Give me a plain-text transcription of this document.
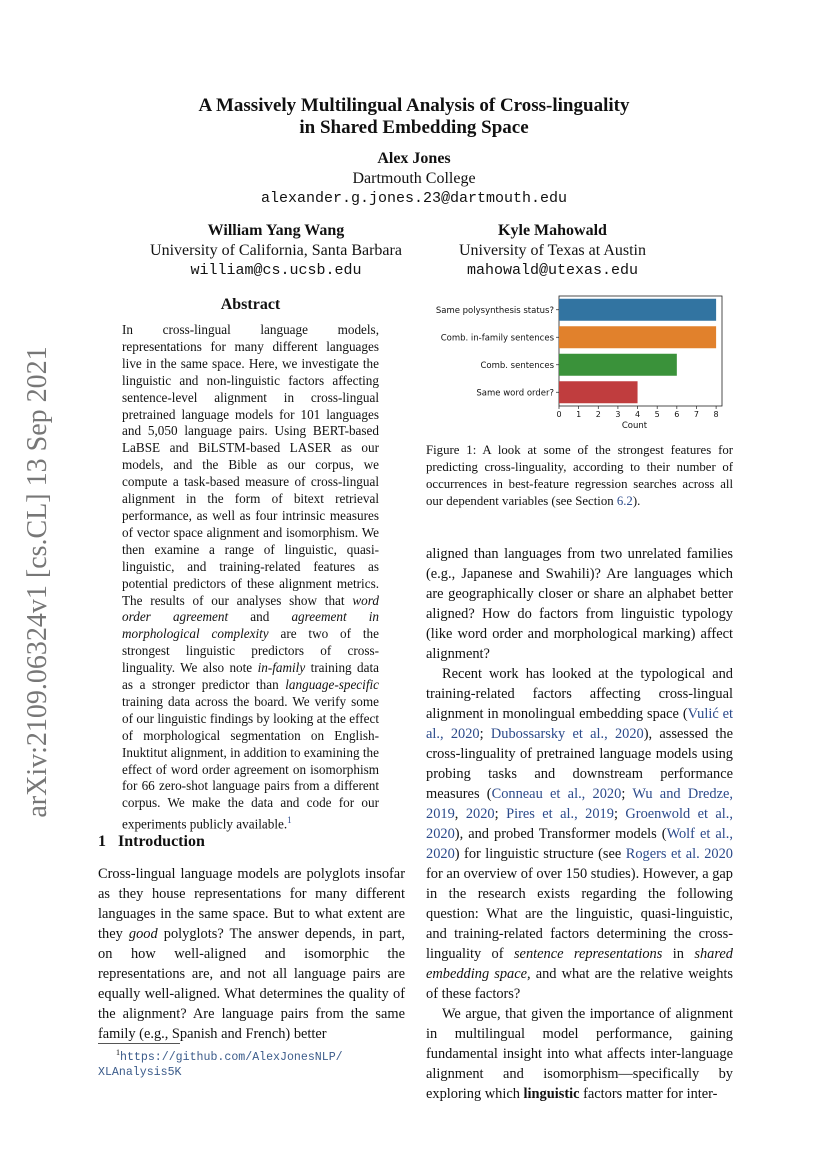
A Massively Multilingual Analysis of Cross-linguality
in Shared Embedding Space
Alex Jones
Dartmouth College
alexander.g.jones.23@dartmouth.edu
William Yang Wang
University of California, Santa Barbara
william@cs.ucsb.edu
Kyle Mahowald
University of Texas at Austin
mahowald@utexas.edu
arXiv:2109.06324v1 [cs.CL] 13 Sep 2021
Abstract
In cross-lingual language models, representations for many different languages live in the same space. Here, we investigate the linguistic and non-linguistic factors affecting sentence-level alignment in cross-lingual pretrained language models for 101 languages and 5,050 language pairs. Using BERT-based LaBSE and BiLSTM-based LASER as our models, and the Bible as our corpus, we compute a task-based measure of cross-lingual alignment in the form of bitext retrieval performance, as well as four intrinsic measures of vector space alignment and isomorphism. We then examine a range of linguistic, quasi-linguistic, and training-related features as potential predictors of these alignment metrics. The results of our analyses show that word order agreement and agreement in morphological complexity are two of the strongest linguistic predictors of cross-linguality. We also note in-family training data as a stronger predictor than language-specific training data across the board. We verify some of our linguistic findings by looking at the effect of morphological segmentation on English-Inuktitut alignment, in addition to examining the effect of word order agreement on isomorphism for 66 zero-shot language pairs from a different corpus. We make the data and code for our experiments publicly available.$^1$
1 Introduction
Cross-lingual language models are polyglots insofar as they house representations for many different languages in the same space. But to what extent are they good polyglots? The answer depends, in part, on how well-aligned and isomorphic the representations are, and not all language pairs are equally well-aligned. What determines the quality of the alignment? Are language pairs from the same family (e.g., Spanish and French) better
$^1$https://github.com/AlexJonesNLP/
XLAnalysis5K
Same polysynthesis status?
Comb. in-family sentences
Comb. sentences
Same word order?
0 1 2 3 4 5 6 7 8
Count
Figure 1: A look at some of the strongest features for predicting cross-linguality, according to their number of occurrences in best-feature regression searches across all our dependent variables (see Section 6.2).

aligned than languages from two unrelated families (e.g., Japanese and Swahili)? Are languages which are geographically closer or share an alphabet better aligned? How do factors from linguistic typology (like word order and morphological marking) affect alignment?

Recent work has looked at the typological and training-related factors affecting cross-lingual alignment in monolingual embedding space (Vulić et al., 2020; Dubossarsky et al., 2020), assessed the cross-linguality of pretrained language models using probing tasks and downstream performance measures (Conneau et al., 2020; Wu and Dredze, 2019, 2020; Pires et al., 2019; Groenwold et al., 2020), and probed Transformer models (Wolf et al., 2020) for linguistic structure (see Rogers et al. 2020 for an overview of over 150 studies). However, a gap in the research exists regarding the following question: What are the linguistic, quasi-linguistic, and training-related factors determining the cross-linguality of sentence representations in shared embedding space, and what are the relative weights of these factors?

We argue, that given the importance of alignment in multilingual model performance, gaining fundamental insight into what affects inter-language alignment and isomorphism—specifically by exploring which linguistic factors matter for inter-
